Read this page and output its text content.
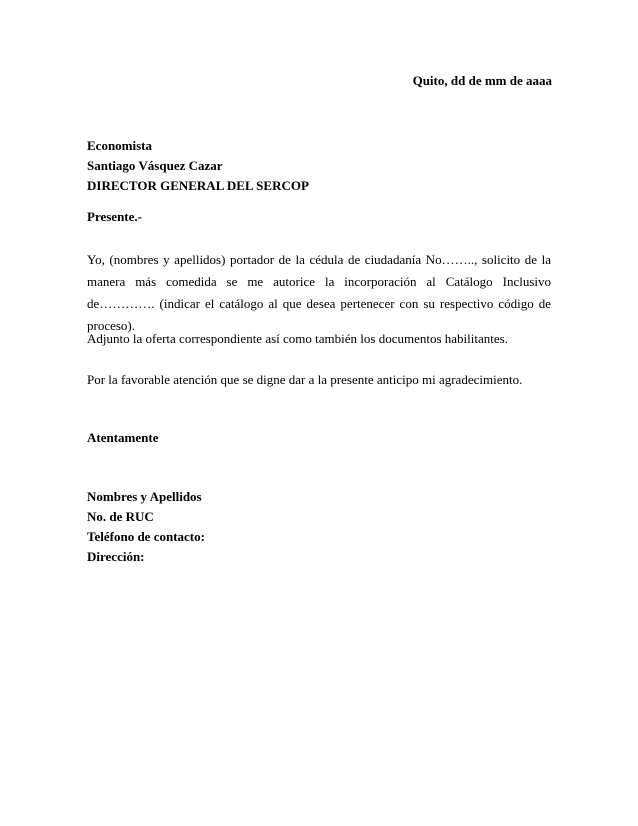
Quito, dd de mm de aaaa
Economista
Santiago Vásquez Cazar
DIRECTOR GENERAL DEL SERCOP
Presente.-
Yo, (nombres y apellidos) portador de la cédula de ciudadanía No…….., solicito de la manera más comedida se me autorice la incorporación al Catálogo Inclusivo de…………. (indicar el catálogo al que desea pertenecer con su respectivo código de proceso).
Adjunto la oferta correspondiente así como también los documentos habilitantes.
Por la favorable atención que se digne dar a la presente anticipo mi agradecimiento.
Atentamente
Nombres y Apellidos
No. de RUC
Teléfono de contacto:
Dirección:
